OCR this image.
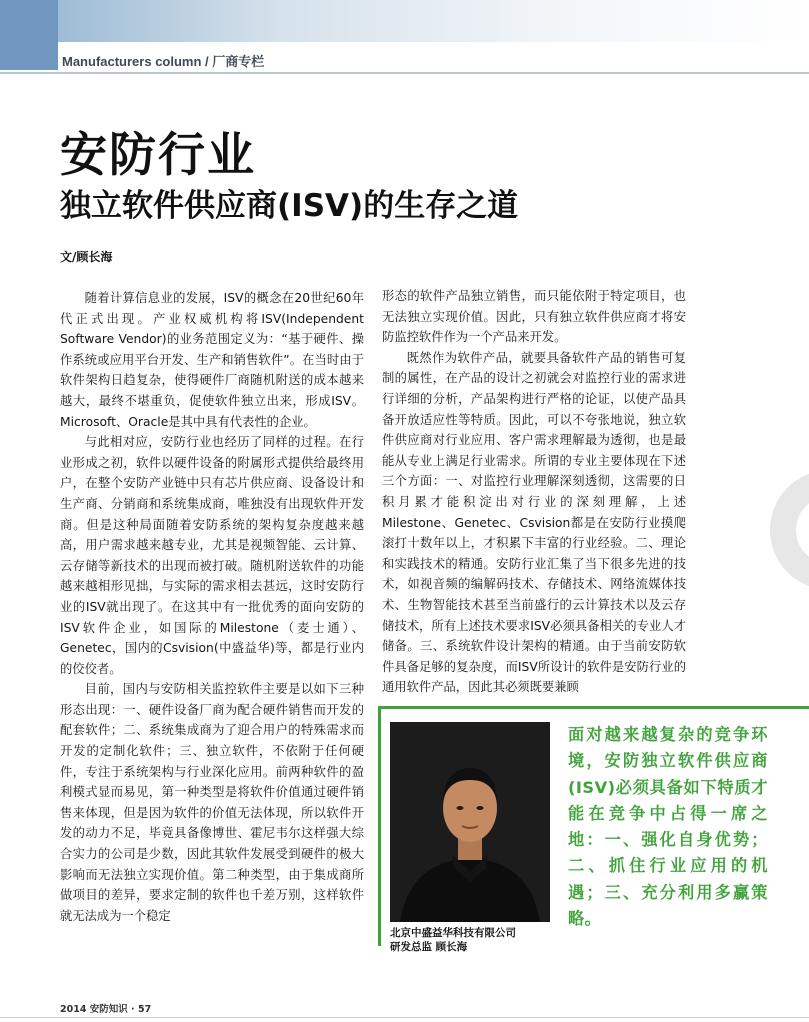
Manufacturers column / 厂商专栏
安防行业
独立软件供应商(ISV)的生存之道
文/顾长海

随着计算信息业的发展，ISV的概念在20世纪60年代正式出现。产业权威机构将ISV(Independent Software Vendor)的业务范围定义为：“基于硬件、操作系统或应用平台开发、生产和销售软件”。在当时由于软件架构日趋复杂，使得硬件厂商随机附送的成本越来越大，最终不堪重负，促使软件独立出来，形成ISV。Microsoft、Oracle是其中具有代表性的企业。

与此相对应，安防行业也经历了同样的过程。在行业形成之初，软件以硬件设备的附属形式提供给最终用户，在整个安防产业链中只有芯片供应商、设备设计和生产商、分销商和系统集成商，唯独没有出现软件开发商。但是这种局面随着安防系统的架构复杂度越来越高，用户需求越来越专业，尤其是视频智能、云计算、云存储等新技术的出现而被打破。随机附送软件的功能越来越相形见拙，与实际的需求相去甚远，这时安防行业的ISV就出现了。在这其中有一批优秀的面向安防的ISV软件企业，如国际的Milestone（麦士通）、Genetec，国内的Csvision(中盛益华)等，都是行业内的佼佼者。

目前，国内与安防相关监控软件主要是以如下三种形态出现：一、硬件设备厂商为配合硬件销售而开发的配套软件；二、系统集成商为了迎合用户的特殊需求而开发的定制化软件；三、独立软件，不依附于任何硬件，专注于系统架构与行业深化应用。前两种软件的盈利模式显而易见，第一种类型是将软件价值通过硬件销售来体现，但是因为软件的价值无法体现，所以软件开发的动力不足，毕竟具备像博世、霍尼韦尔这样强大综合实力的公司是少数，因此其软件发展受到硬件的极大影响而无法独立实现价值。第二种类型，由于集成商所做项目的差异，要求定制的软件也千差万别，这样软件就无法成为一个稳定

形态的软件产品独立销售，而只能依附于特定项目，也无法独立实现价值。因此，只有独立软件供应商才将安防监控软件作为一个产品来开发。

既然作为软件产品，就要具备软件产品的销售可复制的属性，在产品的设计之初就会对监控行业的需求进行详细的分析，产品架构进行严格的论证，以使产品具备开放适应性等特质。因此，可以不夸张地说，独立软件供应商对行业应用、客户需求理解最为透彻，也是最能从专业上满足行业需求。所谓的专业主要体现在下述三个方面：一、对监控行业理解深刻透彻，这需要的日积月累才能积淀出对行业的深刻理解，上述Milestone、Genetec、Csvision都是在安防行业摸爬滚打十数年以上，才积累下丰富的行业经验。二、理论和实践技术的精通。安防行业汇集了当下很多先进的技术，如视音频的编解码技术、存储技术、网络流媒体技术、生物智能技术甚至当前盛行的云计算技术以及云存储技术，所有上述技术要求ISV必须具备相关的专业人才储备。三、系统软件设计架构的精通。由于当前安防软件具备足够的复杂度，而ISV所设计的软件是安防行业的通用软件产品，因此其必须既要兼顾

北京中盛益华科技有限公司
研发总监 顾长海
面对越来越复杂的竞争环境，安防独立软件供应商(ISV)必须具备如下特质才能在竞争中占得一席之地：一、强化自身优势；二、抓住行业应用的机遇；三、充分利用多赢策略。
2014 安防知识 · 57
